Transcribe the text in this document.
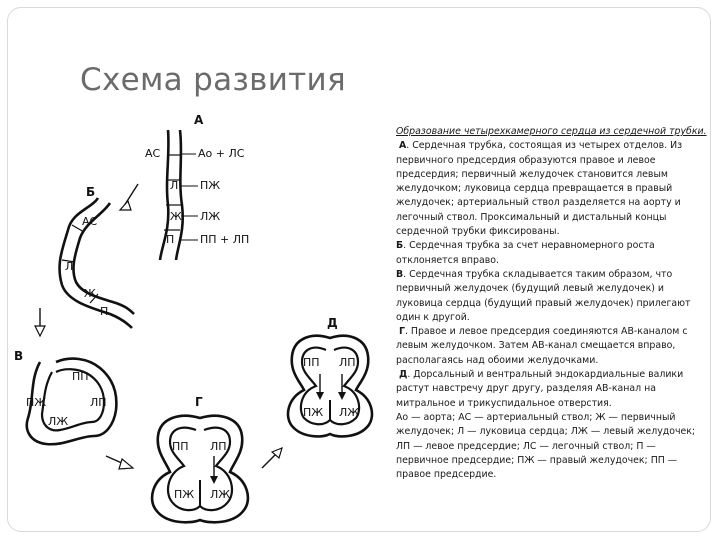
Схема развития
А
АС	Ао + ЛС
Л ПЖ
Ж ЛЖ
П ПП + ЛП
Б
АС
Л
Ж
П
В
ПП
ПЖ	ЛП
ЛЖ
Г
ПП ЛП
ПЖ ЛЖ
Д
ПП ЛП
ПЖ ЛЖ

Образование четырехкамерного сердца из сердечной трубки.

А. Сердечная трубка, состоящая из четырех отделов. Из первичного предсердия образуются правое и левое предсердия; первичный желудочек становится левым желудочком; луковица сердца превращается в правый желудочек; артериальный ствол разделяется на аорту и легочный ствол. Проксимальный и дистальный концы сердечной трубки фиксированы.

Б. Сердечная трубка за счет неравномерного роста отклоняется вправо.

В. Сердечная трубка складывается таким образом, что первичный желудочек (будущий левый желудочек) и луковица сердца (будущий правый желудочек) прилегают один к другой.

Г. Правое и левое предсердия соединяются АВ-каналом с левым желудочком. Затем АВ-канал смещается вправо, располагаясь над обоими желудочками.

Д. Дорсальный и вентральный эндокардиальные валики растут навстречу друг другу, разделяя АВ-канал на митральное и трикуспидальное отверстия.

Ао — аорта; АС — артериальный ствол; Ж — первичный желудочек; Л — луковица сердца; ЛЖ — левый желудочек; ЛП — левое предсердие; ЛС — легочный ствол; П — первичное предсердие; ПЖ — правый желудочек; ПП — правое предсердие.
